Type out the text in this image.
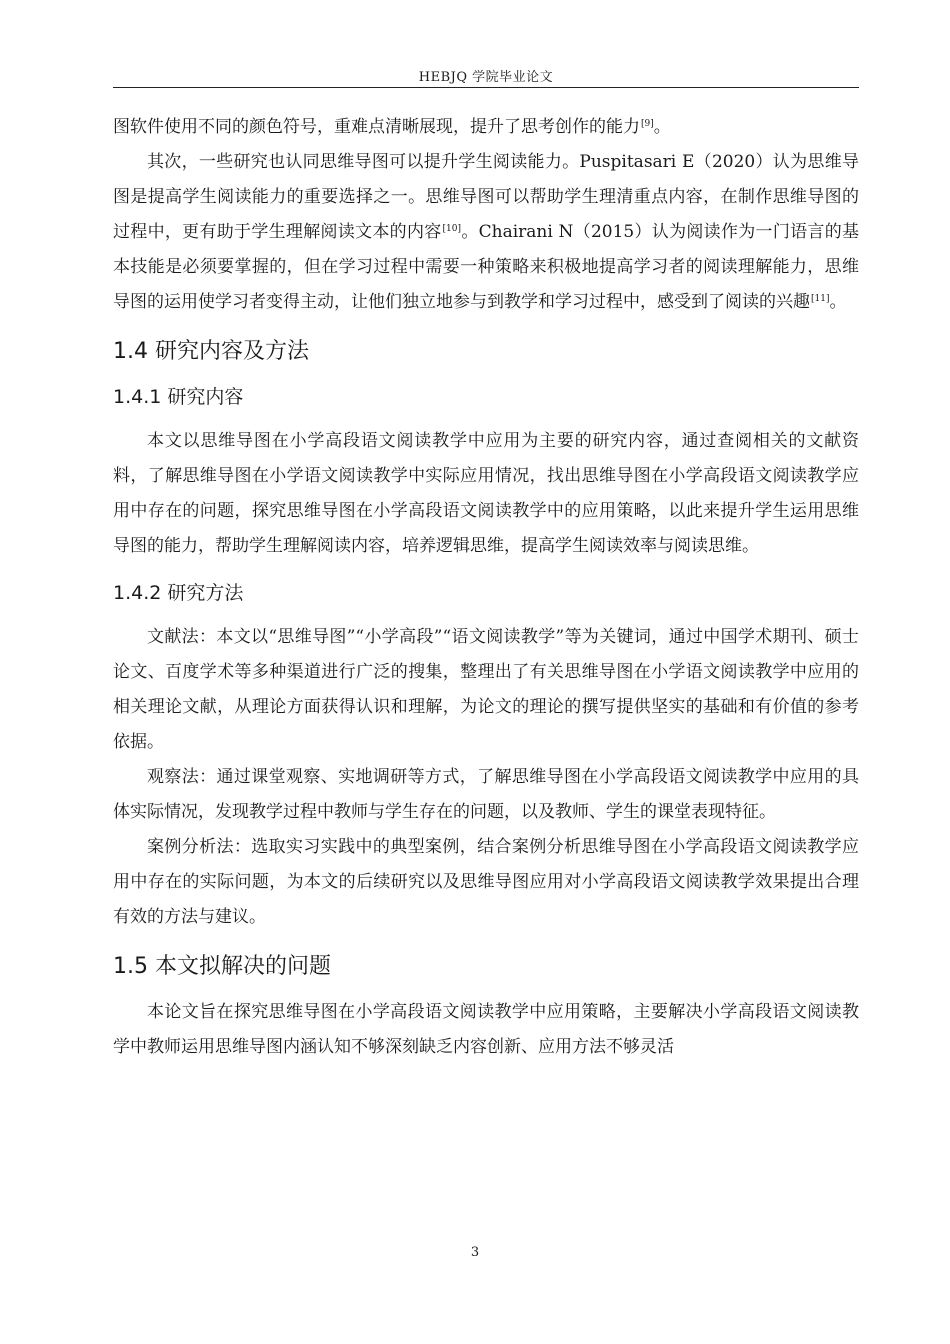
HEBJQ 学院毕业论文

图软件使用不同的颜色符号，重难点清晰展现，提升了思考创作的能力[9]。

其次，一些研究也认同思维导图可以提升学生阅读能力。Puspitasari E（2020）认为思维导图是提高学生阅读能力的重要选择之一。思维导图可以帮助学生理清重点内容，在制作思维导图的过程中，更有助于学生理解阅读文本的内容[10]。Chairani N（2015）认为阅读作为一门语言的基本技能是必须要掌握的，但在学习过程中需要一种策略来积极地提高学习者的阅读理解能力，思维导图的运用使学习者变得主动，让他们独立地参与到教学和学习过程中，感受到了阅读的兴趣[11]。

1.4 研究内容及方法
1.4.1 研究内容

本文以思维导图在小学高段语文阅读教学中应用为主要的研究内容，通过查阅相关的文献资料，了解思维导图在小学语文阅读教学中实际应用情况，找出思维导图在小学高段语文阅读教学应用中存在的问题，探究思维导图在小学高段语文阅读教学中的应用策略，以此来提升学生运用思维导图的能力，帮助学生理解阅读内容，培养逻辑思维，提高学生阅读效率与阅读思维。

1.4.2 研究方法

文献法：本文以“思维导图”“小学高段”“语文阅读教学”等为关键词，通过中国学术期刊、硕士论文、百度学术等多种渠道进行广泛的搜集，整理出了有关思维导图在小学语文阅读教学中应用的相关理论文献，从理论方面获得认识和理解，为论文的理论的撰写提供坚实的基础和有价值的参考依据。

观察法：通过课堂观察、实地调研等方式，了解思维导图在小学高段语文阅读教学中应用的具体实际情况，发现教学过程中教师与学生存在的问题，以及教师、学生的课堂表现特征。

案例分析法：选取实习实践中的典型案例，结合案例分析思维导图在小学高段语文阅读教学应用中存在的实际问题，为本文的后续研究以及思维导图应用对小学高段语文阅读教学效果提出合理有效的方法与建议。

1.5 本文拟解决的问题

本论文旨在探究思维导图在小学高段语文阅读教学中应用策略，主要解决小学高段语文阅读教学中教师运用思维导图内涵认知不够深刻缺乏内容创新、应用方法不够灵活

3
